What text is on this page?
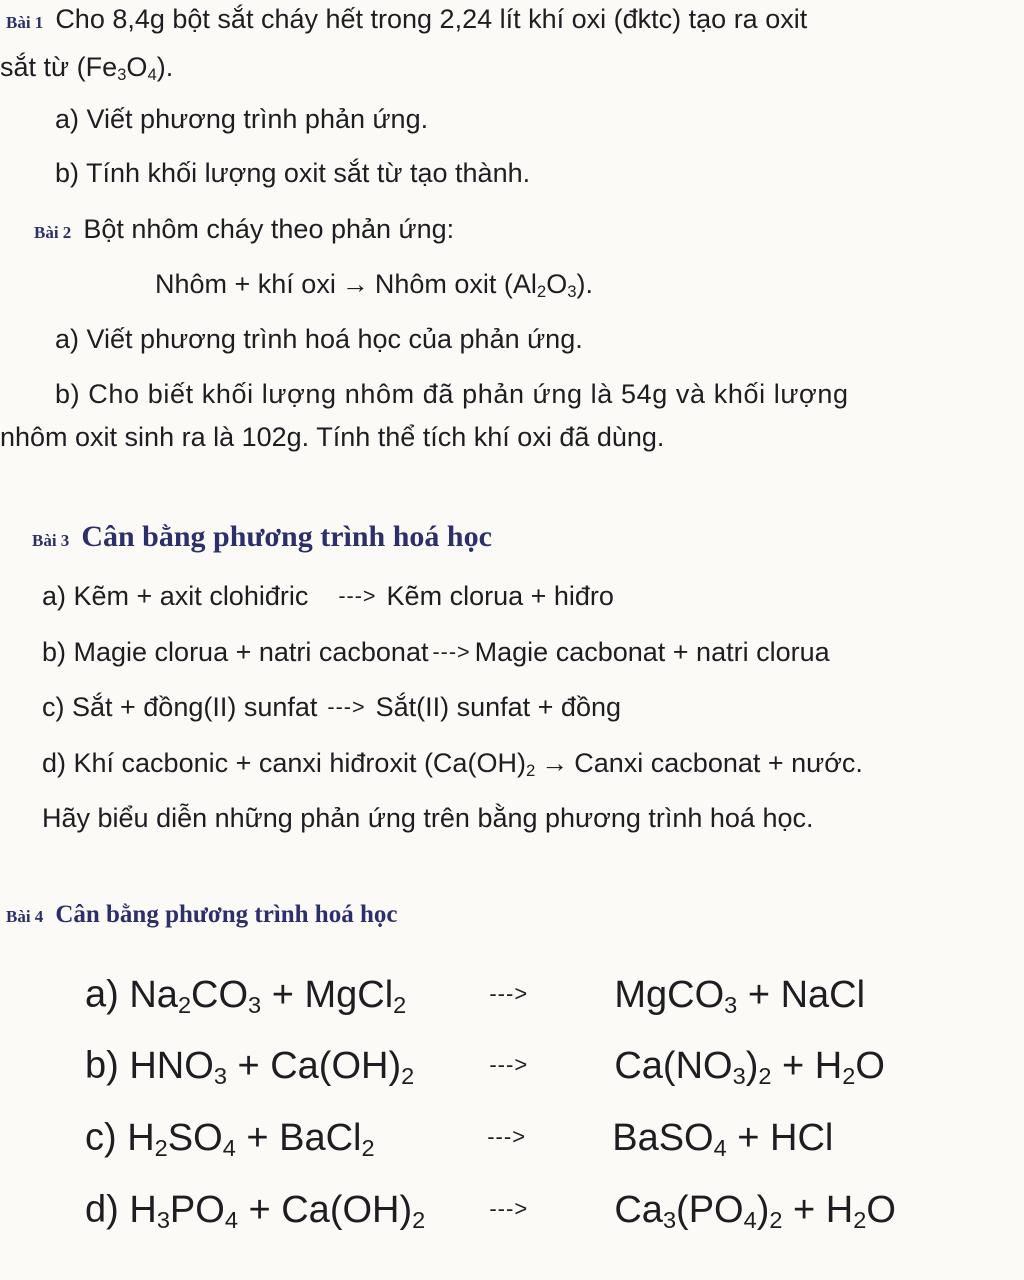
Bài 1 Cho 8,4g bột sắt cháy hết trong 2,24 lít khí oxi (đktc) tạo ra oxit
sắt từ $(Fe_3O_4)$.
a) Viết phương trình phản ứng.
b) Tính khối lượng oxit sắt từ tạo thành.
Bài 2 Bột nhôm cháy theo phản ứng:
Nhôm + khí oxi → Nhôm oxit $(Al_2O_3)$.
a) Viết phương trình hoá học của phản ứng.
b) Cho biết khối lượng nhôm đã phản ứng là 54g và khối lượng
nhôm oxit sinh ra là 102g. Tính thể tích khí oxi đã dùng.
Bài 3 Cân bằng phương trình hoá học
a) Kẽm + axit clohiđric ---> Kẽm clorua + hiđro
b) Magie clorua + natri cacbonat ---> Magie cacbonat + natri clorua
c) Sắt + đồng(II) sunfat ---> Sắt(II) sunfat + đồng
d) Khí cacbonic + canxi hiđroxit ($Ca(OH)_2$ → Canxi cacbonat + nước.
Hãy biểu diễn những phản ứng trên bằng phương trình hoá học.
Bài 4 Cân bằng phương trình hoá học
a) $Na_2CO_3$ + MgCl$_2$	---> MgCO$_3$ + NaCl
b) $HNO_3 + Ca(OH)_2$	---> $Ca(NO_3)_2 + H_2O$
c) $H_2SO_4$ + BaCl$_2$	---> BaSO$_4$ + HCl
d) $H_3PO_4 + Ca(OH)_2$	---> $Ca_3(PO_4)_2 + H_2O$
